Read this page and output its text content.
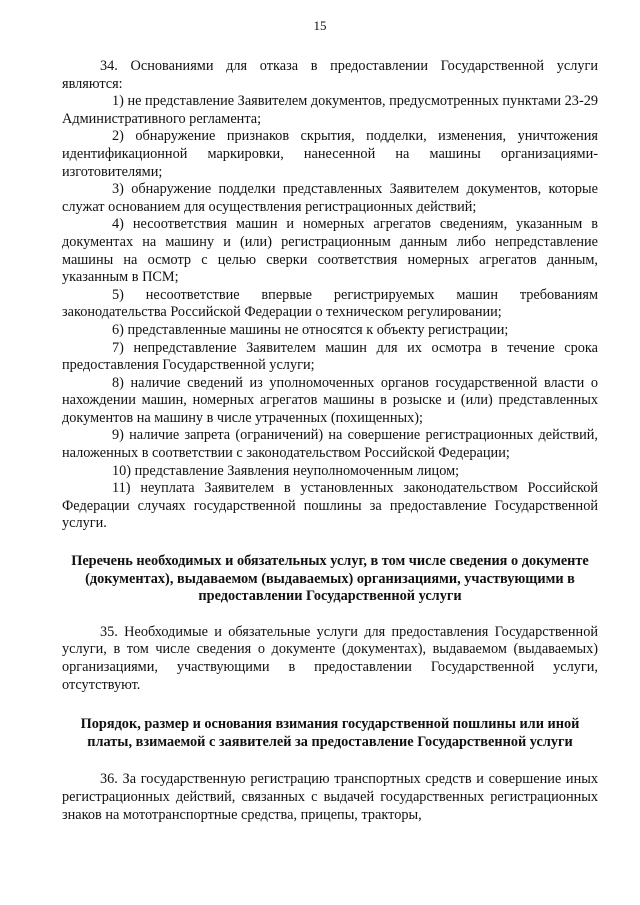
15

34. Основаниями для отказа в предоставлении Государственной услуги являются:

1) не представление Заявителем документов, предусмотренных пунктами 23-29 Административного регламента;

2) обнаружение признаков скрытия, подделки, изменения, уничтожения идентификационной маркировки, нанесенной на машины организациями-изготовителями;

3) обнаружение подделки представленных Заявителем документов, которые служат основанием для осуществления регистрационных действий;

4) несоответствия машин и номерных агрегатов сведениям, указанным в документах на машину и (или) регистрационным данным либо непредставление машины на осмотр с целью сверки соответствия номерных агрегатов данным, указанным в ПСМ;

5) несоответствие впервые регистрируемых машин требованиям законодательства Российской Федерации о техническом регулировании;

6) представленные машины не относятся к объекту регистрации;

7) непредставление Заявителем машин для их осмотра в течение срока предоставления Государственной услуги;

8) наличие сведений из уполномоченных органов государственной власти о нахождении машин, номерных агрегатов машины в розыске и (или) представленных документов на машину в числе утраченных (похищенных);

9) наличие запрета (ограничений) на совершение регистрационных действий, наложенных в соответствии с законодательством Российской Федерации;

10) представление Заявления неуполномоченным лицом;

11) неуплата Заявителем в установленных законодательством Российской Федерации случаях государственной пошлины за предоставление Государственной услуги.

Перечень необходимых и обязательных услуг, в том числе сведения о документе (документах), выдаваемом (выдаваемых) организациями, участвующими в предоставлении Государственной услуги

35. Необходимые и обязательные услуги для предоставления Государственной услуги, в том числе сведения о документе (документах), выдаваемом (выдаваемых) организациями, участвующими в предоставлении Государственной услуги, отсутствуют.

Порядок, размер и основания взимания государственной пошлины или иной платы, взимаемой с заявителей за предоставление Государственной услуги

36. За государственную регистрацию транспортных средств и совершение иных регистрационных действий, связанных с выдачей государственных регистрационных знаков на мототранспортные средства, прицепы, тракторы,
